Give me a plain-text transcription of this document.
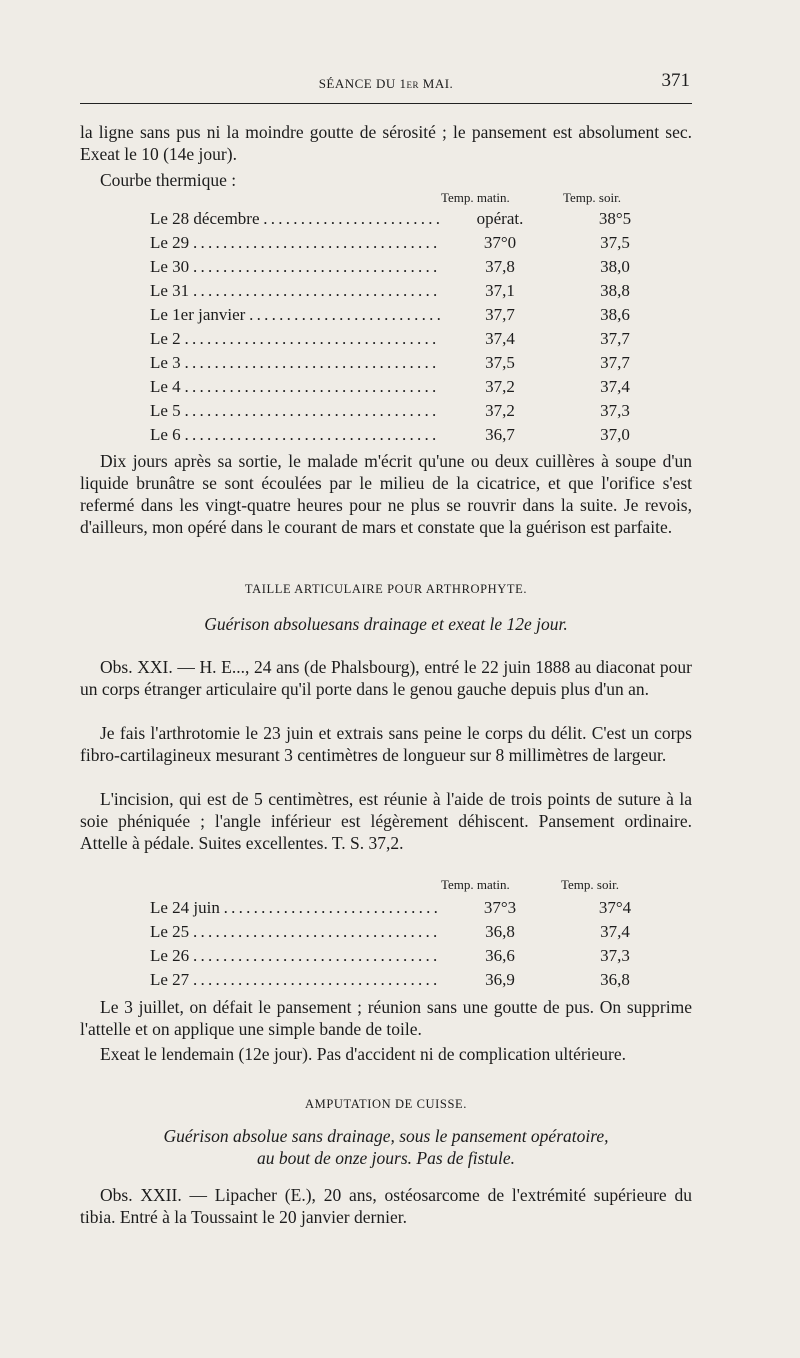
SÉANCE DU 1er MAI.	371

la ligne sans pus ni la moindre goutte de sérosité ; le pansement est absolument sec. Exeat le 10 (14e jour).

Courbe thermique :
Temp. matin.	Temp. soir.
Le 28 décembre . . .	opérat.	38°5
Le 29 . . .	37°0	37,5
Le 30 . . .	37,8	38,0
Le 31 . . .	37,1	38,8
Le 1er janvier . . .	37,7	38,6
Le 2 . . .	37,4	37,7
Le 3 . . .	37,5	37,7
Le 4 . . .	37,2	37,4
Le 5 . . .	37,2	37,3
Le 6 . . .	36,7	37,0

Dix jours après sa sortie, le malade m'écrit qu'une ou deux cuillères à soupe d'un liquide brunâtre se sont écoulées par le milieu de la cicatrice, et que l'orifice s'est refermé dans les vingt-quatre heures pour ne plus se rouvrir dans la suite. Je revois, d'ailleurs, mon opéré dans le courant de mars et constate que la guérison est parfaite.

TAILLE ARTICULAIRE POUR ARTHROPHYTE.

Guérison absoluesans drainage et exeat le 12e jour.

Obs. XXI. — H. E..., 24 ans (de Phalsbourg), entré le 22 juin 1888 au diaconat pour un corps étranger articulaire qu'il porte dans le genou gauche depuis plus d'un an.

Je fais l'arthrotomie le 23 juin et extrais sans peine le corps du délit. C'est un corps fibro-cartilagineux mesurant 3 centimètres de longueur sur 8 millimètres de largeur.

L'incision, qui est de 5 centimètres, est réunie à l'aide de trois points de suture à la soie phéniquée ; l'angle inférieur est légèrement déhiscent. Pansement ordinaire. Attelle à pédale. Suites excellentes. T. S. 37,2.

Temp. matin.	Temp. soir.
Le 24 juin . . .	37°3	37°4
Le 25 . . .	36,8	37,4
Le 26 . . .	36,6	37,3
Le 27 . . .	36,9	36,8

Le 3 juillet, on défait le pansement ; réunion sans une goutte de pus. On supprime l'attelle et on applique une simple bande de toile.

Exeat le lendemain (12e jour). Pas d'accident ni de complication ultérieure.

AMPUTATION DE CUISSE.

Guérison absolue sans drainage, sous le pansement opératoire,

au bout de onze jours. Pas de fistule.

Obs. XXII. — Lipacher (E.), 20 ans, ostéosarcome de l'extrémité supérieure du tibia. Entré à la Toussaint le 20 janvier dernier.
